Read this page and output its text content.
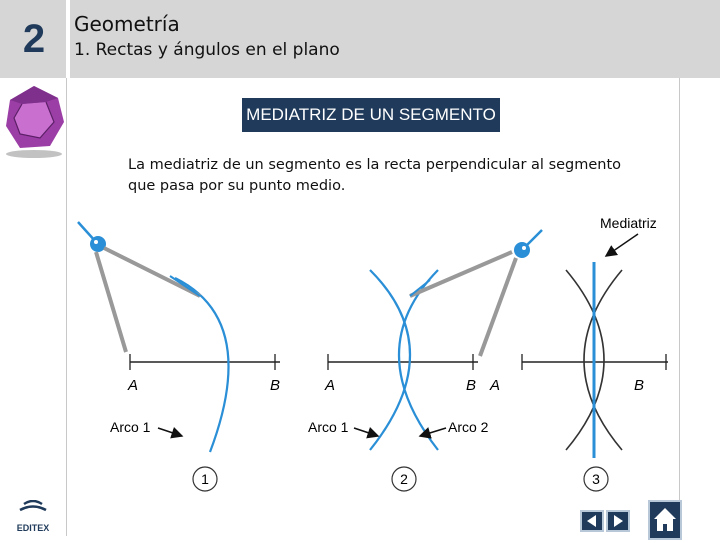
2	Geometría
1. Rectas y ángulos en el plano
MEDIATRIZ DE UN SEGMENTO
La mediatriz de un segmento es la recta perpendicular al segmento
que pasa por su punto medio.
A	B
Arco 1
1
A	B
Arco 1	Arco 2
2
A	B
Mediatriz
3
EDITEX
